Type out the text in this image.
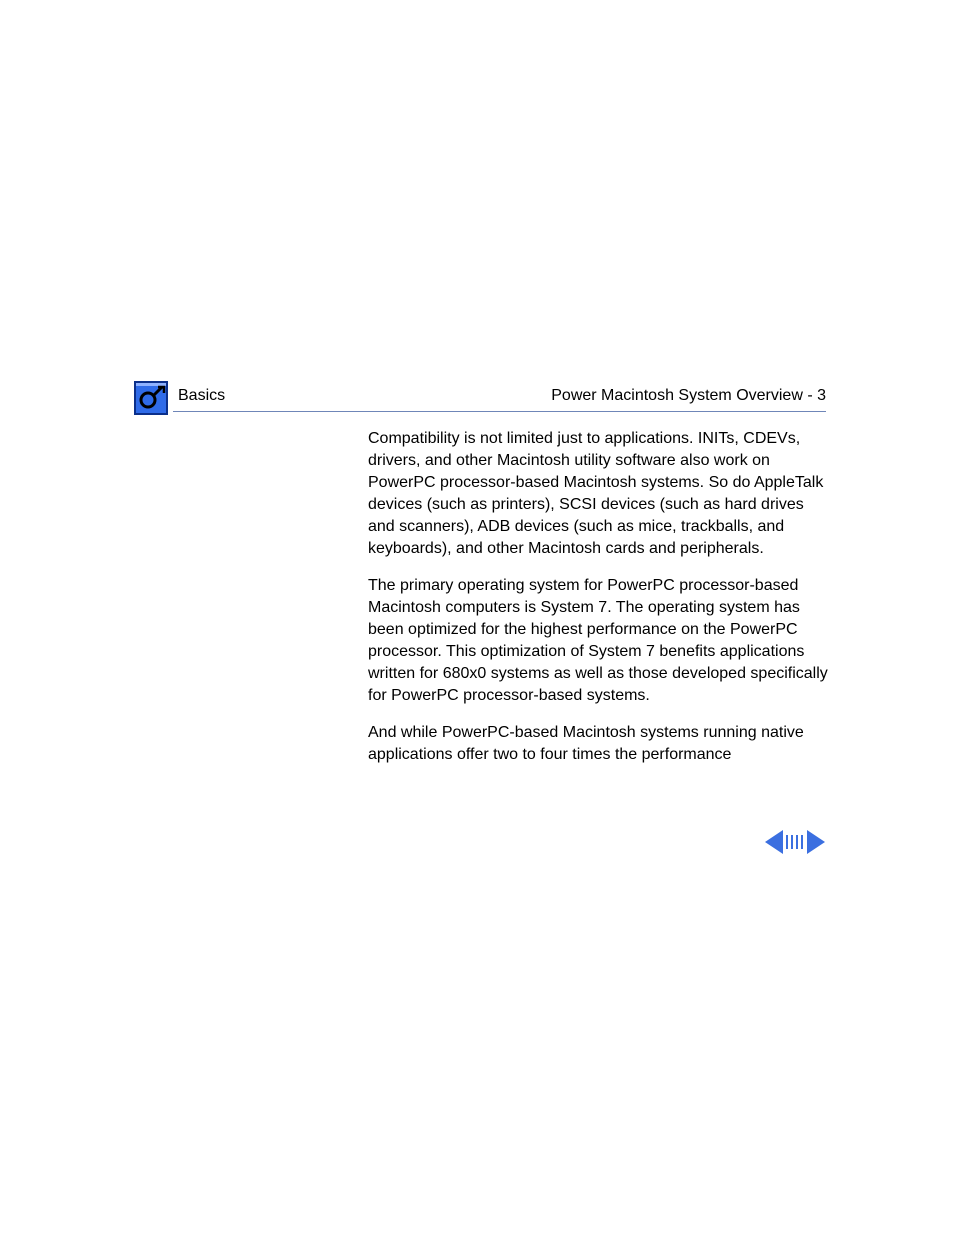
Basics	Power Macintosh System Overview - 3

Compatibility is not limited just to applications. INITs, CDEVs, drivers, and other Macintosh utility software also work on PowerPC processor-based Macintosh systems. So do AppleTalk devices (such as printers), SCSI devices (such as hard drives and scanners), ADB devices (such as mice, trackballs, and keyboards), and other Macintosh cards and peripherals.

The primary operating system for PowerPC processor-based Macintosh computers is System 7. The operating system has been optimized for the highest performance on the PowerPC processor. This optimization of System 7 benefits applications written for 680x0 systems as well as those developed specifically for PowerPC processor-based systems.

And while PowerPC-based Macintosh systems running native applications offer two to four times the performance
